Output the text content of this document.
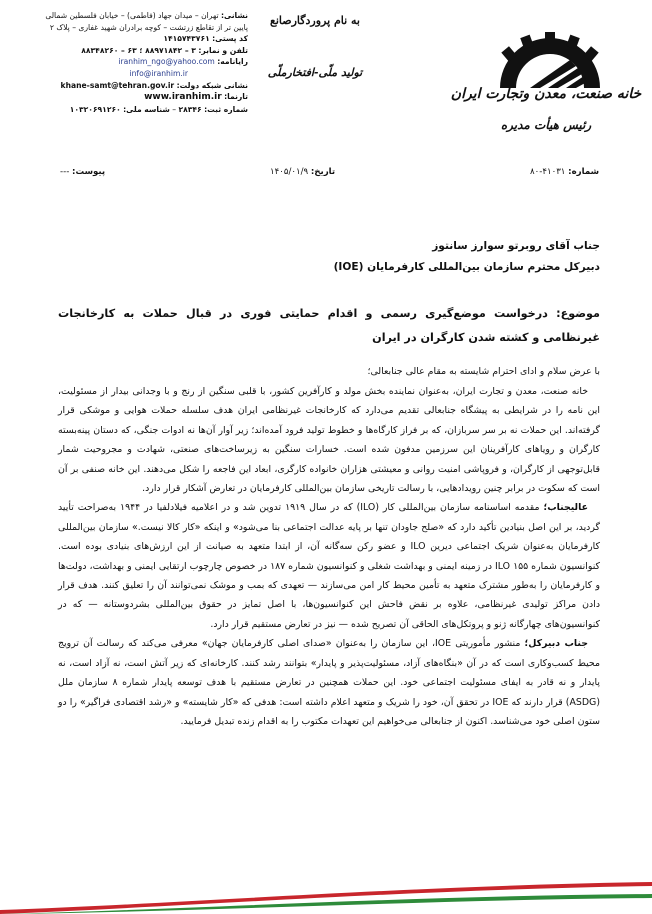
نشانی: تهران – میدان جهاد (فاطمی) – خیابان فلسطین شمالی
پایین تر از تقاطع زرتشت – کوچه برادران شهید غفاری – پلاک ۲
کد پستی: ۱۴۱۵۷۴۳۷۶۱
تلفن و نمابر: ۳ – ۸۸۹۷۱۸۴۲ ؛ ۶۳ – ۸۸۳۴۸۲۶۰
رایانامه: iranhim_ngo@yahoo.com
info@iranhim.ir
نشانی شبکه دولت: khane-samt@tehran.gov.ir
تارنما: www.iranhim.ir
شماره ثبت: ۲۸۳۴۶ – شناسه ملی: ۱۰۳۲۰۶۹۱۲۶۰
به نام پروردگارصانع
تولید ملّی-افتخارملّی
خانه صنعت، معدن وتجارت ایران
رئیس هیأت مدیره
شماره: ۴۱۰۳۱-۸۰
تاریخ: ۱۴۰۵/۰۱/۹
پیوست: ---
جناب آقای روبرتو سوارز سانتوز
دبیرکل محترم سازمان بین‌المللی کارفرمایان (IOE)
موضوع: درخواست موضع‌گیری رسمی و اقدام حمایتی فوری در قبال حملات به کارخانجات غیرنظامی و کشته شدن کارگران در ایران
با عرض سلام و ادای احترام شایسته به مقام عالی جنابعالی؛
خانه صنعت، معدن و تجارت ایران، به‌عنوان نماینده بخش مولد و کارآفرین کشور، با قلبی سنگین از رنج و با وجدانی بیدار از مسئولیت، این نامه را در شرایطی به پیشگاه جنابعالی تقدیم می‌دارد که کارخانجات غیرنظامی ایران هدف سلسله حملات هوایی و موشکی قرار گرفته‌اند. این حملات نه بر سر سربازان، که بر فراز کارگاه‌ها و خطوط تولید فرود آمده‌اند؛ زیر آوار آن‌ها نه ادوات جنگی، که دستان پینه‌بسته کارگران و رویاهای کارآفرینان این سرزمین مدفون شده است. خسارات سنگین به زیرساخت‌های صنعتی، شهادت و مجروحیت شمار قابل‌توجهی از کارگران، و فروپاشی امنیت روانی و معیشتی هزاران خانواده کارگری، ابعاد این فاجعه را شکل می‌دهند. این خانه صنفی بر آن است که سکوت در برابر چنین رویدادهایی، با رسالت تاریخی سازمان بین‌المللی کارفرمایان در تعارض آشکار قرار دارد.
عالیجناب؛ مقدمه اساسنامه سازمان بین‌المللی کار (ILO) که در سال ۱۹۱۹ تدوین شد و در اعلامیه فیلادلفیا در ۱۹۴۴ به‌صراحت تأیید گردید، بر این اصل بنیادین تأکید دارد که «صلح جاودان تنها بر پایه عدالت اجتماعی بنا می‌شود» و اینکه «کار کالا نیست.» سازمان بین‌المللی کارفرمایان به‌عنوان شریک اجتماعی دیرین ILO و عضو رکن سه‌گانه آن، از ابتدا متعهد به صیانت از این ارزش‌های بنیادی بوده است. کنوانسیون شماره ۱۵۵ ILO در زمینه ایمنی و بهداشت شغلی و کنوانسیون شماره ۱۸۷ در خصوص چارچوب ارتقایی ایمنی و بهداشت، دولت‌ها و کارفرمایان را به‌طور مشترک متعهد به تأمین محیط کار امن می‌سازند — تعهدی که بمب و موشک نمی‌توانند آن را تعلیق کنند. هدف قرار دادن مراکز تولیدی غیرنظامی، علاوه بر نقض فاحش این کنوانسیون‌ها، با اصل تمایز در حقوق بین‌المللی بشردوستانه — که در کنوانسیون‌های چهارگانه ژنو و پروتکل‌های الحاقی آن تصریح شده — نیز در تعارض مستقیم قرار دارد.
جناب دبیرکل؛ منشور مأموریتی IOE، این سازمان را به‌عنوان «صدای اصلی کارفرمایان جهان» معرفی می‌کند که رسالت آن ترویج محیط کسب‌وکاری است که در آن «بنگاه‌های آزاد، مسئولیت‌پذیر و پایدار» بتوانند رشد کنند. کارخانه‌ای که زیر آتش است، نه آزاد است، نه پایدار و نه قادر به ایفای مسئولیت اجتماعی خود. این حملات همچنین در تعارض مستقیم با هدف توسعه پایدار شماره ۸ سازمان ملل (ASDG) قرار دارند که IOE در تحقق آن، خود را شریک و متعهد اعلام داشته است: هدفی که «کار شایسته» و «رشد اقتصادی فراگیر» را دو ستون اصلی خود می‌شناسد. اکنون از جنابعالی می‌خواهیم این تعهدات مکتوب را به اقدام زنده تبدیل فرمایید.
